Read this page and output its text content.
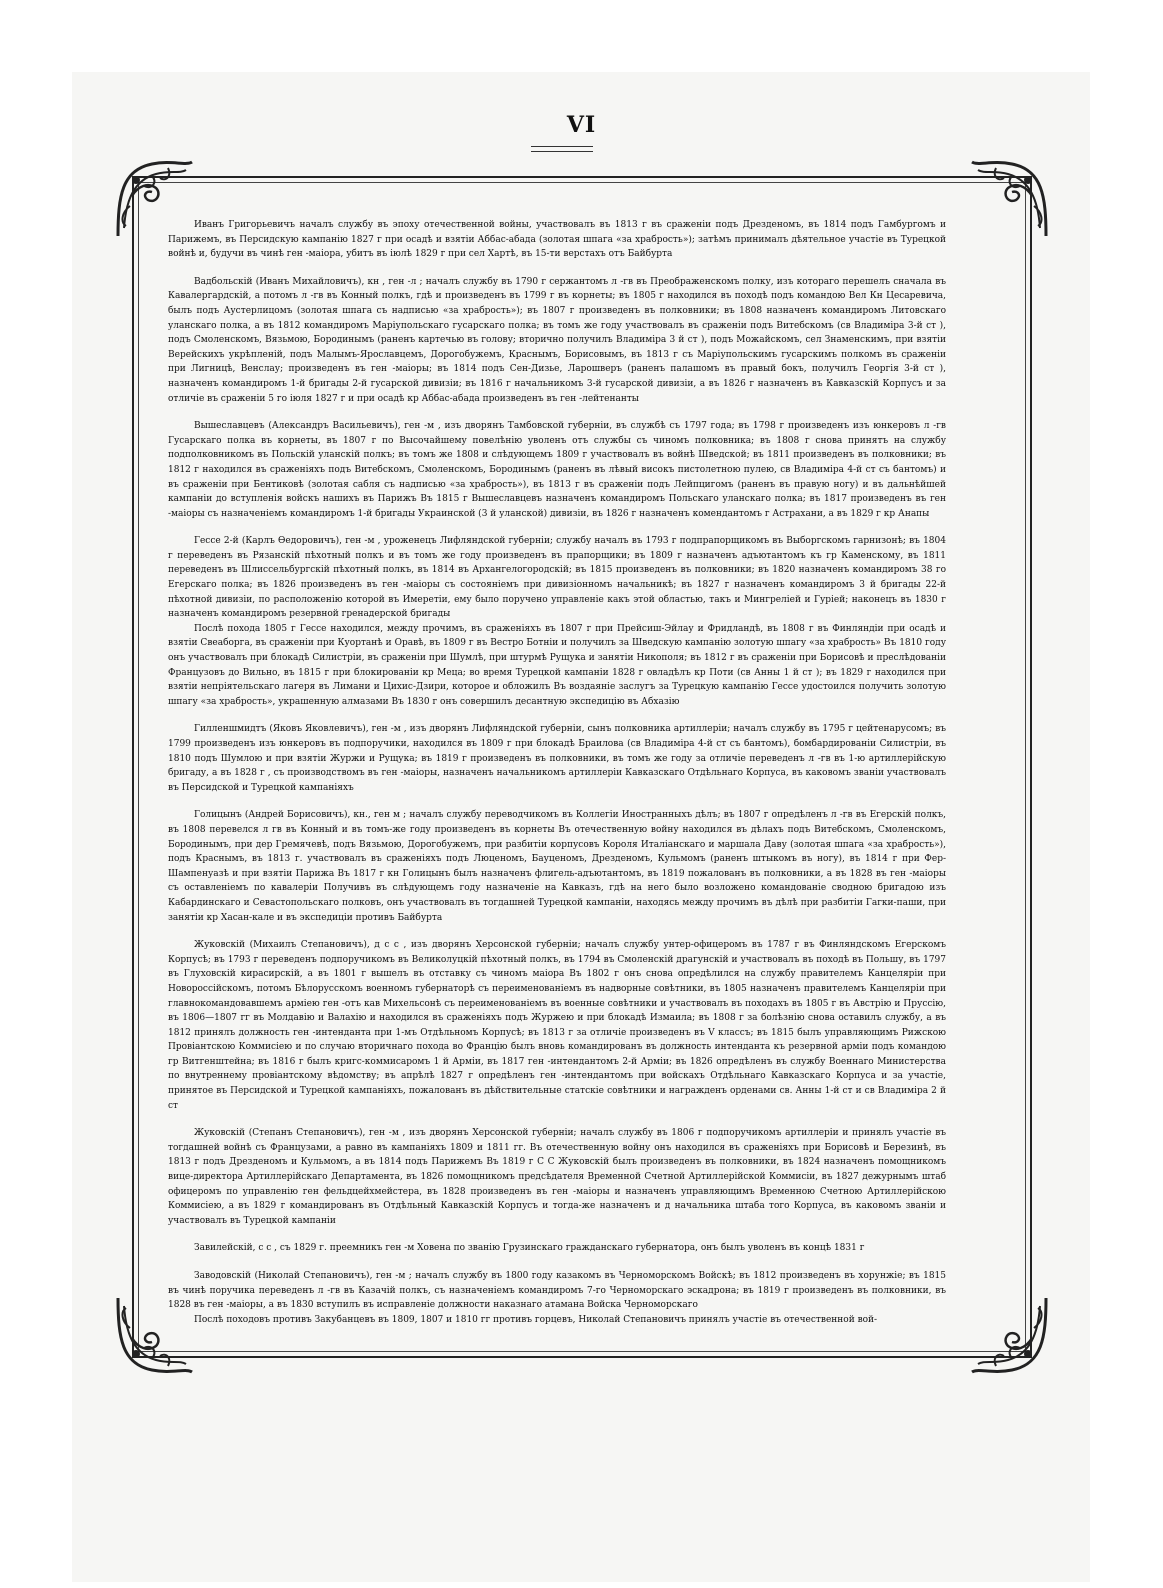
VI

Иванъ Григорьевичъ началъ службу въ эпоху отечественной войны, участвовалъ въ 1813 г въ сраженіи подъ Дрезденомъ, въ 1814 подъ Гамбургомъ и Парижемъ, въ Персидскую кампанію 1827 г при осадѣ и взятіи Аббас-абада (золотая шпага «за храбрость»); затѣмъ принималъ дѣятельное участіе въ Турецкой войнѣ и, будучи въ чинѣ ген -маіора, убитъ въ іюлѣ 1829 г при сел Хартѣ, въ 15-ти верстахъ отъ Байбурта

Вадбольскій (Иванъ Михайловичъ), кн , ген -л ; началъ службу въ 1790 г сержантомъ л -гв въ Преображенскомъ полку, изъ котораго перешелъ сначала въ Кавалергардскій, а потомъ л -гв въ Конный полкъ, гдѣ и произведенъ въ 1799 г въ корнеты; въ 1805 г находился въ походѣ подъ командою Вел Кн Цесаревича, былъ подъ Аустерлицомъ (золотая шпага съ надписью «за храбрость»); въ 1807 г произведенъ въ полковники; въ 1808 назначенъ командиромъ Литовскаго уланскаго полка, а въ 1812 командиромъ Маріупольскаго гусарскаго полка; въ томъ же году участвовалъ въ сраженіи подъ Витебскомъ (св Владиміра 3-й ст ), подъ Смоленскомъ, Вязьмою, Бородинымъ (раненъ картечью въ голову; вторично получилъ Владиміра 3 й ст ), подъ Можайскомъ, сел Знаменскимъ, при взятіи Верейскихъ укрѣпленій, подъ Малымъ-Ярославцемъ, Дорогобужемъ, Краснымъ, Борисовымъ, въ 1813 г съ Маріупольскимъ гусарскимъ полкомъ въ сраженіи при Лигницѣ, Венслау; произведенъ въ ген -маіоры; въ 1814 подъ Сен-Дизье, Ларошверъ (раненъ палашомъ въ правый бокъ, получилъ Георгія 3-й ст ), назначенъ командиромъ 1-й бригады 2-й гусарской дивизіи; въ 1816 г начальникомъ 3-й гусарской дивизіи, а въ 1826 г назначенъ въ Кавказскій Корпусъ и за отличіе въ сраженіи 5 го іюля 1827 г и при осадѣ кр Аббас-абада произведенъ въ ген -лейтенанты

Вышеславцевъ (Александръ Васильевичъ), ген -м , изъ дворянъ Тамбовской губерніи, въ службѣ съ 1797 года; въ 1798 г произведенъ изъ юнкеровъ л -гв Гусарскаго полка въ корнеты, въ 1807 г по Высочайшему повелѣнію уволенъ отъ службы съ чиномъ полковника; въ 1808 г снова принятъ на службу подполковникомъ въ Польскій уланскій полкъ; въ томъ же 1808 и слѣдующемъ 1809 г участвовалъ въ войнѣ Шведской; въ 1811 произведенъ въ полковники; въ 1812 г находился въ сраженіяхъ подъ Витебскомъ, Смоленскомъ, Бородинымъ (раненъ въ лѣвый високъ пистолетною пулею, св Владиміра 4-й ст съ бантомъ) и въ сраженіи при Бентиковѣ (золотая сабля съ надписью «за храбрость»), въ 1813 г въ сраженіи подъ Лейпцигомъ (раненъ въ правую ногу) и въ дальнѣйшей кампаніи до вступленія войскъ нашихъ въ Парижъ Въ 1815 г Вышеславцевъ назначенъ командиромъ Польскаго уланскаго полка; въ 1817 произведенъ въ ген -маіоры съ назначеніемъ командиромъ 1-й бригады Украинской (3 й уланской) дивизіи, въ 1826 г назначенъ комендантомъ г Астрахани, а въ 1829 г кр Анапы

Гессе 2-й (Карлъ Ѳедоровичъ), ген -м , уроженецъ Лифляндской губерніи; службу началъ въ 1793 г подпрапорщикомъ въ Выборгскомъ гарнизонѣ; въ 1804 г переведенъ въ Рязанскій пѣхотный полкъ и въ томъ же году произведенъ въ прапорщики; въ 1809 г назначенъ адъютантомъ къ гр Каменскому, въ 1811 переведенъ въ Шлиссельбургскій пѣхотный полкъ, въ 1814 въ Архангелогородскій; въ 1815 произведенъ въ полковники; въ 1820 назначенъ командиромъ 38 го Егерскаго полка; въ 1826 произведенъ въ ген -маіоры съ состояніемъ при дивизіонномъ начальникѣ; въ 1827 г назначенъ командиромъ 3 й бригады 22-й пѣхотной дивизіи, по расположенію которой въ Имеретіи, ему было поручено управленіе какъ этой областью, такъ и Мингреліей и Гуріей; наконецъ въ 1830 г назначенъ командиромъ резервной гренадерской бригады

Послѣ похода 1805 г Гессе находился, между прочимъ, въ сраженіяхъ въ 1807 г при Прейсиш-Эйлау и Фридландѣ, въ 1808 г въ Финляндіи при осадѣ и взятіи Свеаборга, въ сраженіи при Куортанѣ и Оравѣ, въ 1809 г въ Вестро Ботніи и получилъ за Шведскую кампанію золотую шпагу «за храбрость» Въ 1810 году онъ участвовалъ при блокадѣ Силистріи, въ сраженіи при Шумлѣ, при штурмѣ Рущука и занятіи Никополя; въ 1812 г въ сраженіи при Борисовѣ и преслѣдованіи Французовъ до Вильно, въ 1815 г при блокированіи кр Меца; во время Турецкой кампаніи 1828 г овладѣлъ кр Поти (св Анны 1 й ст ); въ 1829 г находился при взятіи непріятельскаго лагеря въ Лимани и Цихис-Дзири, которое и обложилъ Въ воздаяніе заслугъ за Турецкую кампанію Гессе удостоился получить золотую шпагу «за храбрость», украшенную алмазами Въ 1830 г онъ совершилъ десантную экспедицію въ Абхазію

Гилленшмидтъ (Яковъ Яковлевичъ), ген -м , изъ дворянъ Лифляндской губерніи, сынъ полковника артиллеріи; началъ службу въ 1795 г цейтенарусомъ; въ 1799 произведенъ изъ юнкеровъ въ подпоручики, находился въ 1809 г при блокадѣ Браилова (св Владиміра 4-й ст съ бантомъ), бомбардированіи Силистріи, въ 1810 подъ Шумлою и при взятіи Журжи и Рущука; въ 1819 г произведенъ въ полковники, въ томъ же году за отличіе переведенъ л -гв въ 1-ю артиллерійскую бригаду, а въ 1828 г , съ производствомъ въ ген -маіоры, назначенъ начальникомъ артиллеріи Кавказскаго Отдѣльнаго Корпуса, въ каковомъ званіи участвовалъ въ Персидской и Турецкой кампаніяхъ

Голицынъ (Андрей Борисовичъ), кн., ген м ; началъ службу переводчикомъ въ Коллегіи Иностранныхъ дѣлъ; въ 1807 г опредѣленъ л -гв въ Егерскій полкъ, въ 1808 перевелся л гв въ Конный и въ томъ-же году произведенъ въ корнеты Въ отечественную войну находился въ дѣлахъ подъ Витебскомъ, Смоленскомъ, Бородинымъ, при дер Гремячевѣ, подъ Вязьмою, Дорогобужемъ, при разбитіи корпусовъ Короля Италіанскаго и маршала Даву (золотая шпага «за храбрость»), подъ Краснымъ, въ 1813 г. участвовалъ въ сраженіяхъ подъ Люценомъ, Бауценомъ, Дрезденомъ, Кульмомъ (раненъ штыкомъ въ ногу), въ 1814 г при Фер-Шампенуазѣ и при взятіи Парижа Въ 1817 г кн Голицынъ былъ назначенъ флигель-адъютантомъ, въ 1819 пожалованъ въ полковники, а въ 1828 въ ген -маіоры съ оставленіемъ по кавалеріи Получивъ въ слѣдующемъ году назначеніе на Кавказъ, гдѣ на него было возложено командованіе сводною бригадою изъ Кабардинскаго и Севастопольскаго полковъ, онъ участвовалъ въ тогдашней Турецкой кампаніи, находясь между прочимъ въ дѣлѣ при разбитіи Гагки-паши, при занятіи кр Хасан-кале и въ экспедиціи противъ Байбурта

Жуковскій (Михаилъ Степановичъ), д с с , изъ дворянъ Херсонской губерніи; началъ службу унтер-офицеромъ въ 1787 г въ Финляндскомъ Егерскомъ Корпусѣ; въ 1793 г переведенъ подпоручикомъ въ Великолуцкій пѣхотный полкъ, въ 1794 въ Смоленскій драгунскій и участвовалъ въ походѣ въ Польшу, въ 1797 въ Глуховскій кирасирскій, а въ 1801 г вышелъ въ отставку съ чиномъ маіора Въ 1802 г онъ снова опредѣлился на службу правителемъ Канцеляріи при Новороссійскомъ, потомъ Бѣлорусскомъ военномъ губернаторѣ съ переименованіемъ въ надворные совѣтники, въ 1805 назначенъ правителемъ Канцеляріи при главнокомандовавшемъ арміею ген -отъ кав Михельсонѣ съ переименованіемъ въ военные совѣтники и участвовалъ въ походахъ въ 1805 г въ Австрію и Пруссію, въ 1806—1807 гг въ Молдавію и Валахію и находился въ сраженіяхъ подъ Журжею и при блокадѣ Измаила; въ 1808 г за болѣзнію снова оставилъ службу, а въ 1812 принялъ должность ген -интенданта при 1-мъ Отдѣльномъ Корпусѣ; въ 1813 г за отличіе произведенъ въ V классъ; въ 1815 былъ управляющимъ Рижскою Провіантскою Коммисіею и по случаю вторичнаго похода во Францію былъ вновь командированъ въ должность интенданта къ резервной арміи подъ командою гр Витгенштейна; въ 1816 г былъ кригс-коммисаромъ 1 й Арміи, въ 1817 ген -интендантомъ 2-й Арміи; въ 1826 опредѣленъ въ службу Военнаго Министерства по внутреннему провіантскому вѣдомству; въ апрѣлѣ 1827 г опредѣленъ ген -интендантомъ при войскахъ Отдѣльнаго Кавказскаго Корпуса и за участіе, принятое въ Персидской и Турецкой кампаніяхъ, пожалованъ въ дѣйствительные статскіе совѣтники и награжденъ орденами св. Анны 1-й ст и св Владиміра 2 й ст

Жуковскій (Степанъ Степановичъ), ген -м , изъ дворянъ Херсонской губерніи; началъ службу въ 1806 г подпоручикомъ артиллеріи и принялъ участіе въ тогдашней войнѣ съ Французами, а равно въ кампаніяхъ 1809 и 1811 гг. Въ отечественную войну онъ находился въ сраженіяхъ при Борисовѣ и Березинѣ, въ 1813 г подъ Дрезденомъ и Кульмомъ, а въ 1814 подъ Парижемъ Въ 1819 г С С Жуковскій былъ произведенъ въ полковники, въ 1824 назначенъ помощникомъ вице-директора Артиллерійскаго Департамента, въ 1826 помощникомъ предсѣдателя Временной Счетной Артиллерійской Коммисіи, въ 1827 дежурнымъ штаб офицеромъ по управленію ген фельдцейхмейстера, въ 1828 произведенъ въ ген -маіоры и назначенъ управляющимъ Временною Счетною Артиллерійскою Коммисіею, а въ 1829 г командированъ въ Отдѣльный Кавказскій Корпусъ и тогда-же назначенъ и д начальника штаба того Корпуса, въ каковомъ званіи и участвовалъ въ Турецкой кампаніи

Завилейскій, с с , съ 1829 г. преемникъ ген -м Ховена по званію Грузинскаго гражданскаго губернатора, онъ былъ уволенъ въ концѣ 1831 г

Заводовскій (Николай Степановичъ), ген -м ; началъ службу въ 1800 году казакомъ въ Черноморскомъ Войскѣ; въ 1812 произведенъ въ хорунжіе; въ 1815 въ чинѣ поручика переведенъ л -гв въ Казачій полкъ, съ назначеніемъ командиромъ 7-го Черноморскаго эскадрона; въ 1819 г произведенъ въ полковники, въ 1828 въ ген -маіоры, а въ 1830 вступилъ въ исправленіе должности наказнаго атамана Войска Черноморскаго

Послѣ походовъ противъ Закубанцевъ въ 1809, 1807 и 1810 гг противъ горцевъ, Николай Степановичъ принялъ участіе въ отечественной вой-
